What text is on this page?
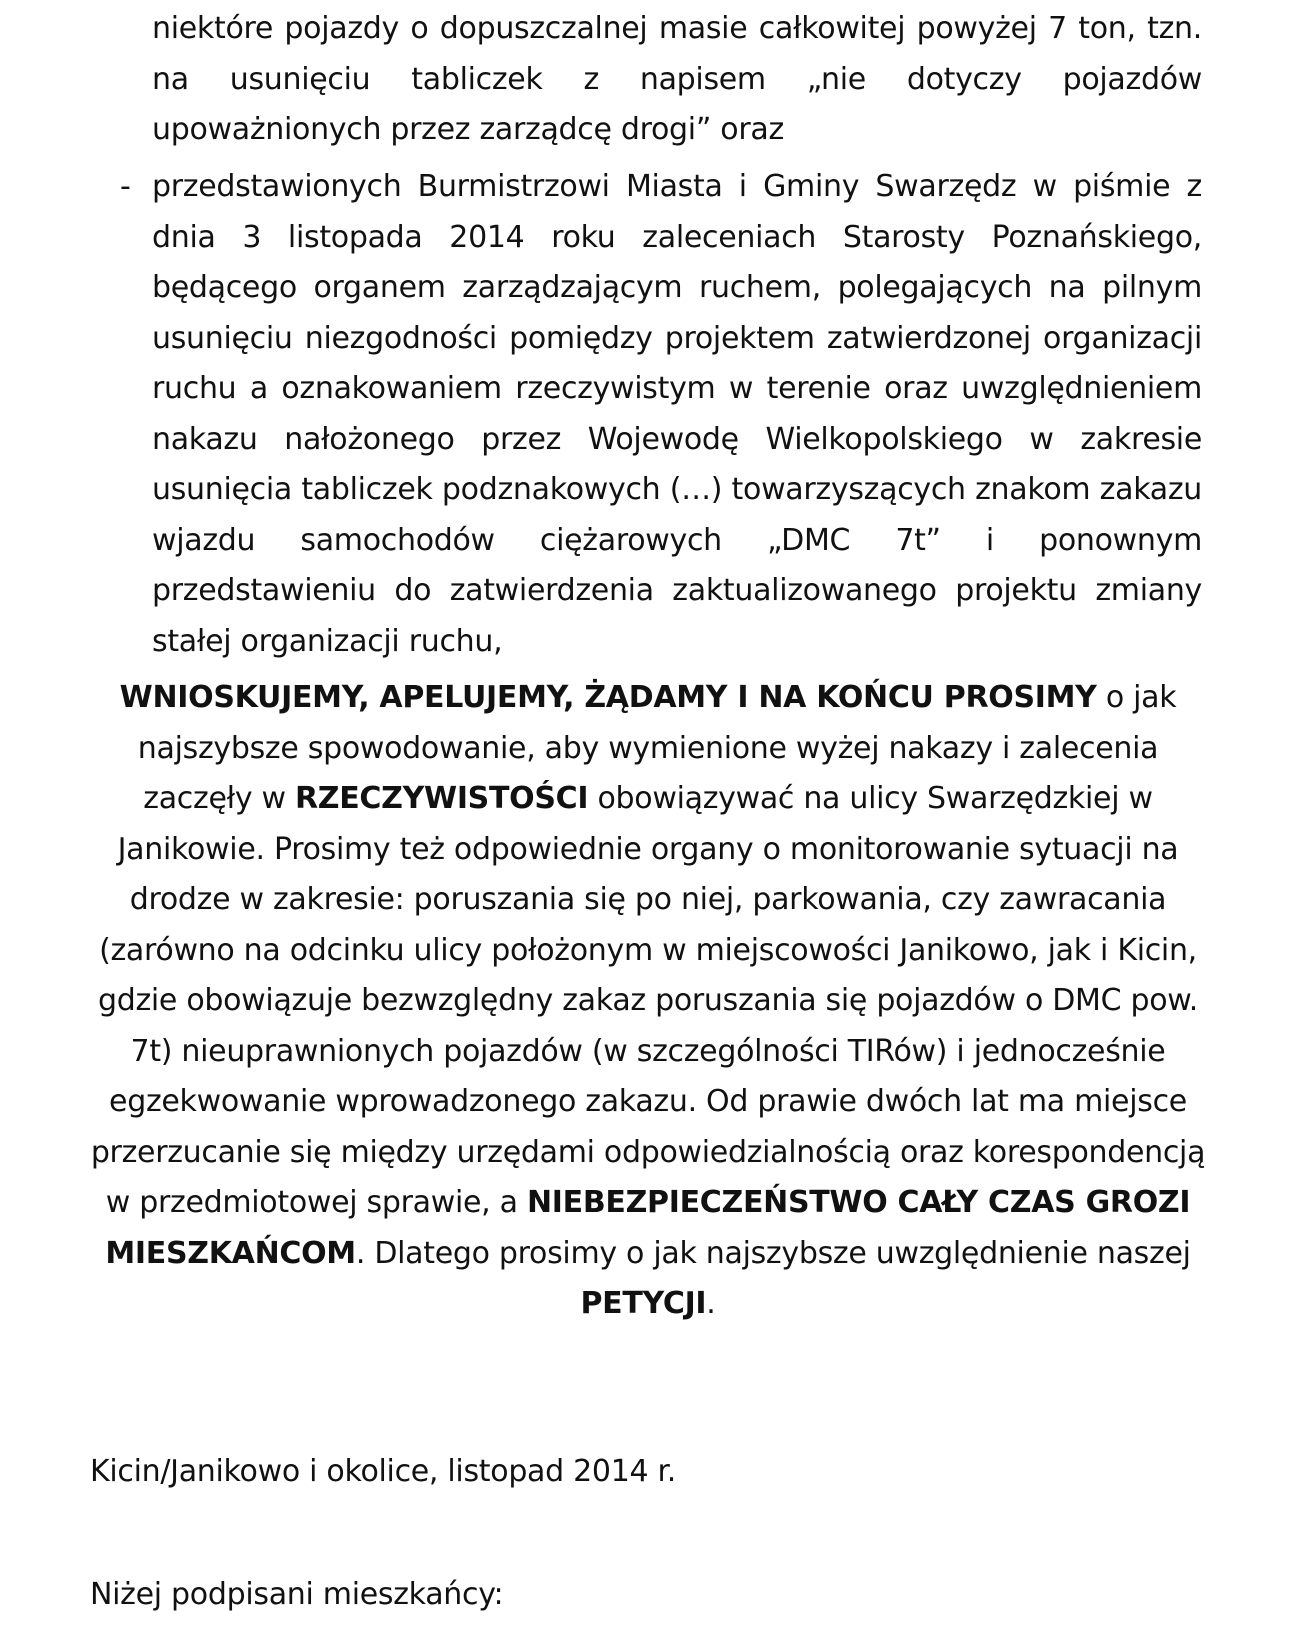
niektóre pojazdy o dopuszczalnej masie całkowitej powyżej 7 ton, tzn. na usunięciu tabliczek z napisem „nie dotyczy pojazdów upoważnionych przez zarządcę drogi” oraz
- przedstawionych Burmistrzowi Miasta i Gminy Swarzędz w piśmie z dnia 3 listopada 2014 roku zaleceniach Starosty Poznańskiego, będącego organem zarządzającym ruchem, polegających na pilnym usunięciu niezgodności pomiędzy projektem zatwierdzonej organizacji ruchu a oznakowaniem rzeczywistym w terenie oraz uwzględnieniem nakazu nałożonego przez Wojewodę Wielkopolskiego w zakresie usunięcia tabliczek podznakowych (…) towarzyszących znakom zakazu wjazdu samochodów ciężarowych „DMC 7t” i ponownym przedstawieniu do zatwierdzenia zaktualizowanego projektu zmiany stałej organizacji ruchu,
WNIOSKUJEMY, APELUJEMY, ŻĄDAMY I NA KOŃCU PROSIMY o jak najszybsze spowodowanie, aby wymienione wyżej nakazy i zalecenia zaczęły w RZECZYWISTOŚCI obowiązywać na ulicy Swarzędzkiej w Janikowie. Prosimy też odpowiednie organy o monitorowanie sytuacji na drodze w zakresie: poruszania się po niej, parkowania, czy zawracania (zarówno na odcinku ulicy położonym w miejscowości Janikowo, jak i Kicin, gdzie obowiązuje bezwzględny zakaz poruszania się pojazdów o DMC pow. 7t) nieuprawnionych pojazdów (w szczególności TIRów) i jednocześnie egzekwowanie wprowadzonego zakazu. Od prawie dwóch lat ma miejsce przerzucanie się między urzędami odpowiedzialnością oraz korespondencją w przedmiotowej sprawie, a NIEBEZPIECZEŃSTWO CAŁY CZAS GROZI MIESZKAŃCOM. Dlatego prosimy o jak najszybsze uwzględnienie naszej PETYCJI.
Kicin/Janikowo i okolice, listopad 2014 r.
Niżej podpisani mieszkańcy:
